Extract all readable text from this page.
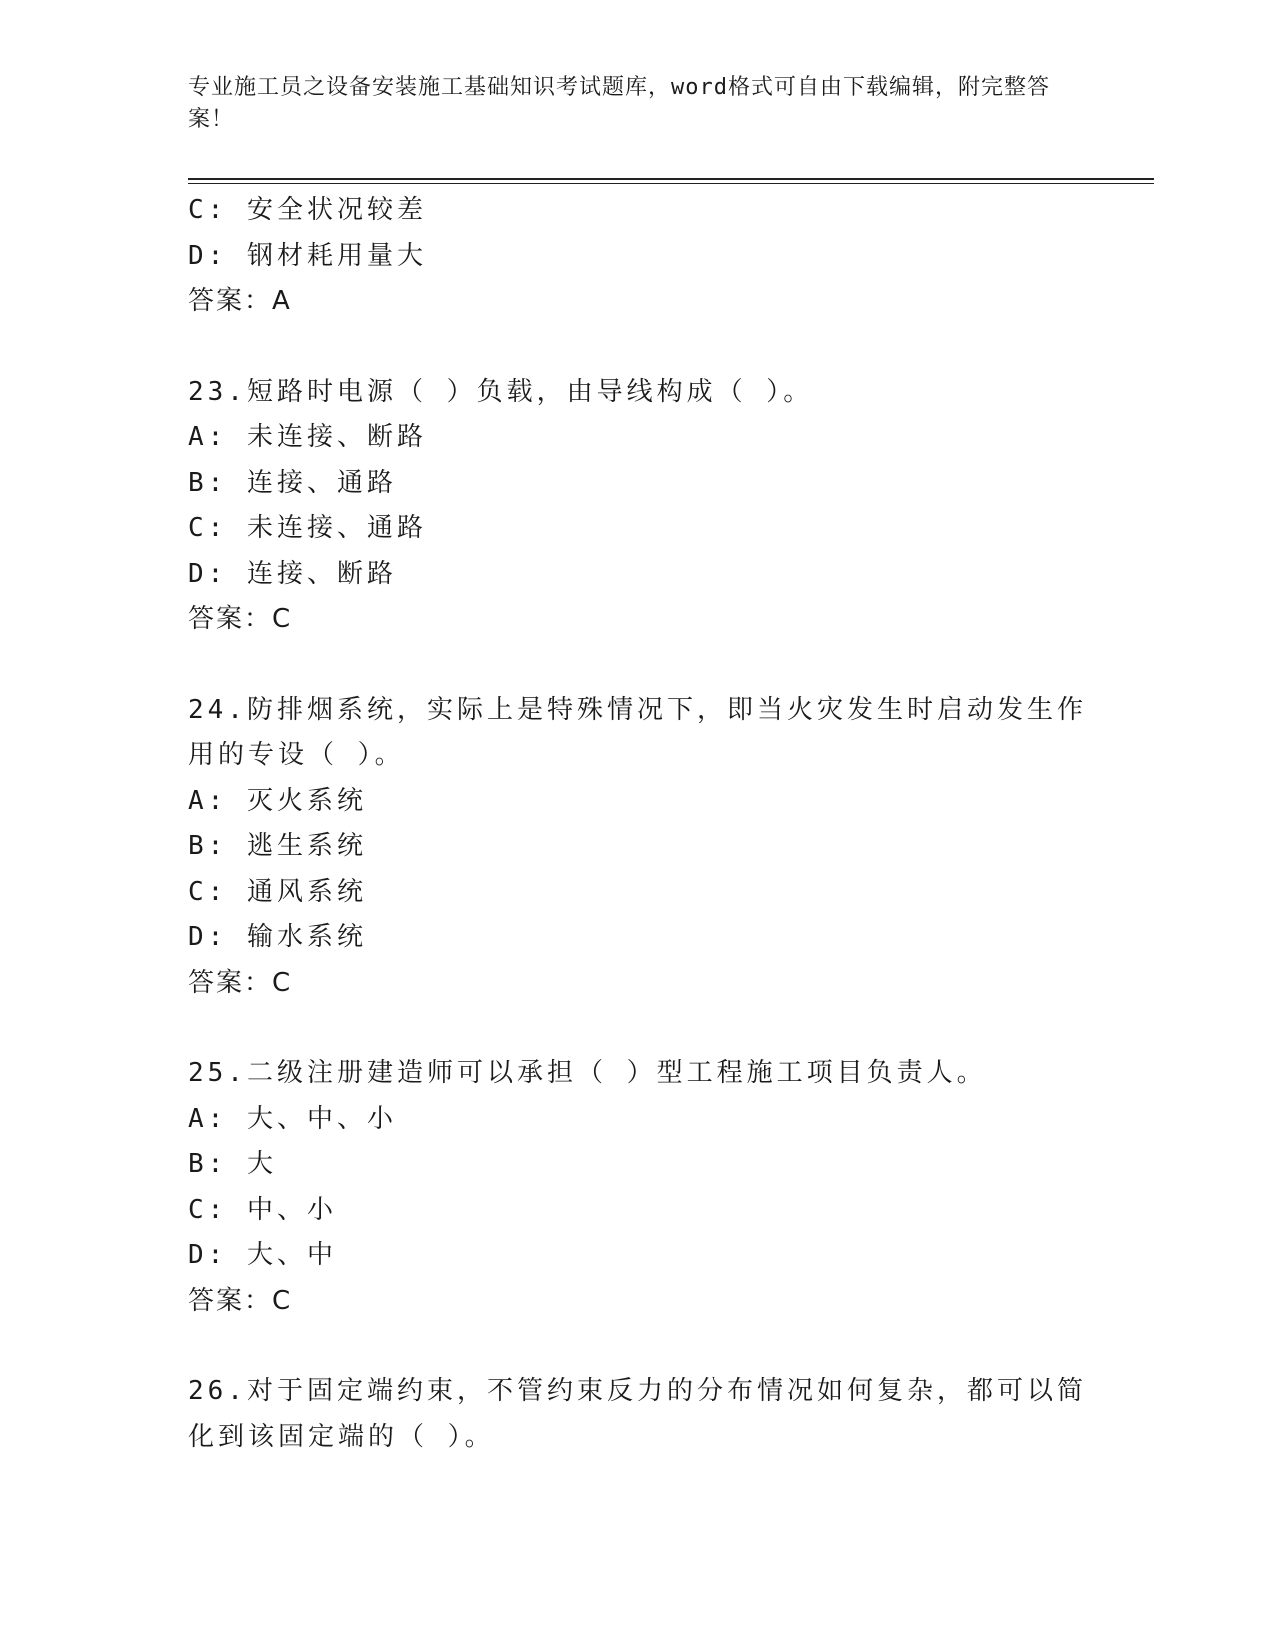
专业施工员之设备安装施工基础知识考试题库，word格式可自由下载编辑，附完整答案！
C: 安全状况较差
D: 钢材耗用量大
答案：A
23.短路时电源（ ）负载，由导线构成（ ）。
A: 未连接、断路
B: 连接、通路
C: 未连接、通路
D: 连接、断路
答案：C
24.防排烟系统，实际上是特殊情况下，即当火灾发生时启动发生作用的专设（ ）。
A: 灭火系统
B: 逃生系统
C: 通风系统
D: 输水系统
答案：C
25.二级注册建造师可以承担（ ）型工程施工项目负责人。
A: 大、中、小
B: 大
C: 中、小
D: 大、中
答案：C
26.对于固定端约束，不管约束反力的分布情况如何复杂，都可以简化到该固定端的（ ）。
